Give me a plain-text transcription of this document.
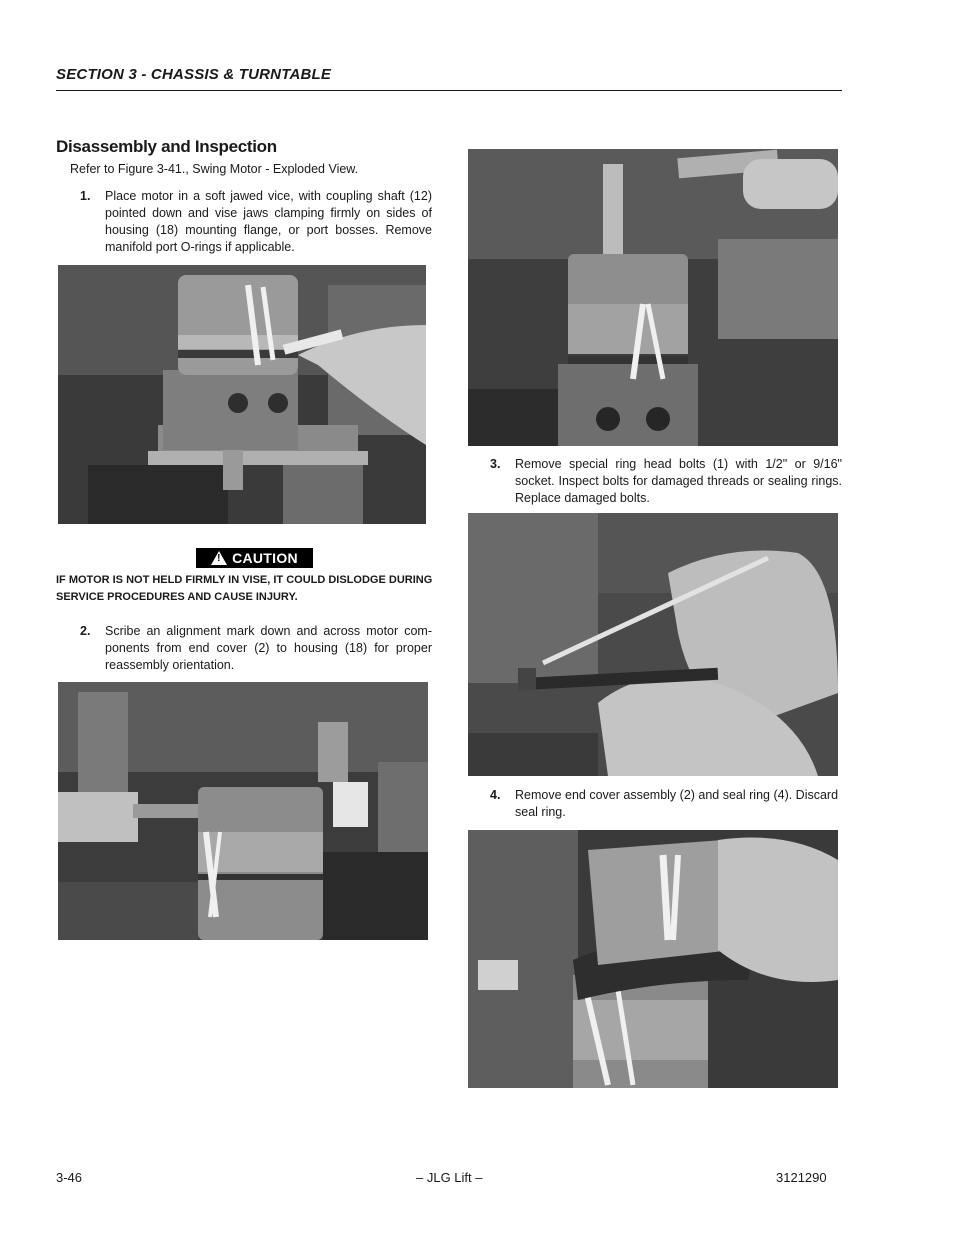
SECTION 3 - CHASSIS & TURNTABLE
Disassembly and Inspection
Refer to Figure 3-41., Swing Motor - Exploded View.
1. Place motor in a soft jawed vice, with coupling shaft (12) pointed down and vise jaws clamping firmly on sides of housing (18) mounting flange, or port bosses. Remove manifold port O-rings if applicable.
! CAUTION
IF MOTOR IS NOT HELD FIRMLY IN VISE, IT COULD DISLODGE DURING SERVICE PROCEDURES AND CAUSE INJURY.
2. Scribe an alignment mark down and across motor com-ponents from end cover (2) to housing (18) for proper reassembly orientation.
3. Remove special ring head bolts (1) with 1/2" or 9/16" socket. Inspect bolts for damaged threads or sealing rings. Replace damaged bolts.
4. Remove end cover assembly (2) and seal ring (4). Discard seal ring.
3-46	– JLG Lift –	3121290
